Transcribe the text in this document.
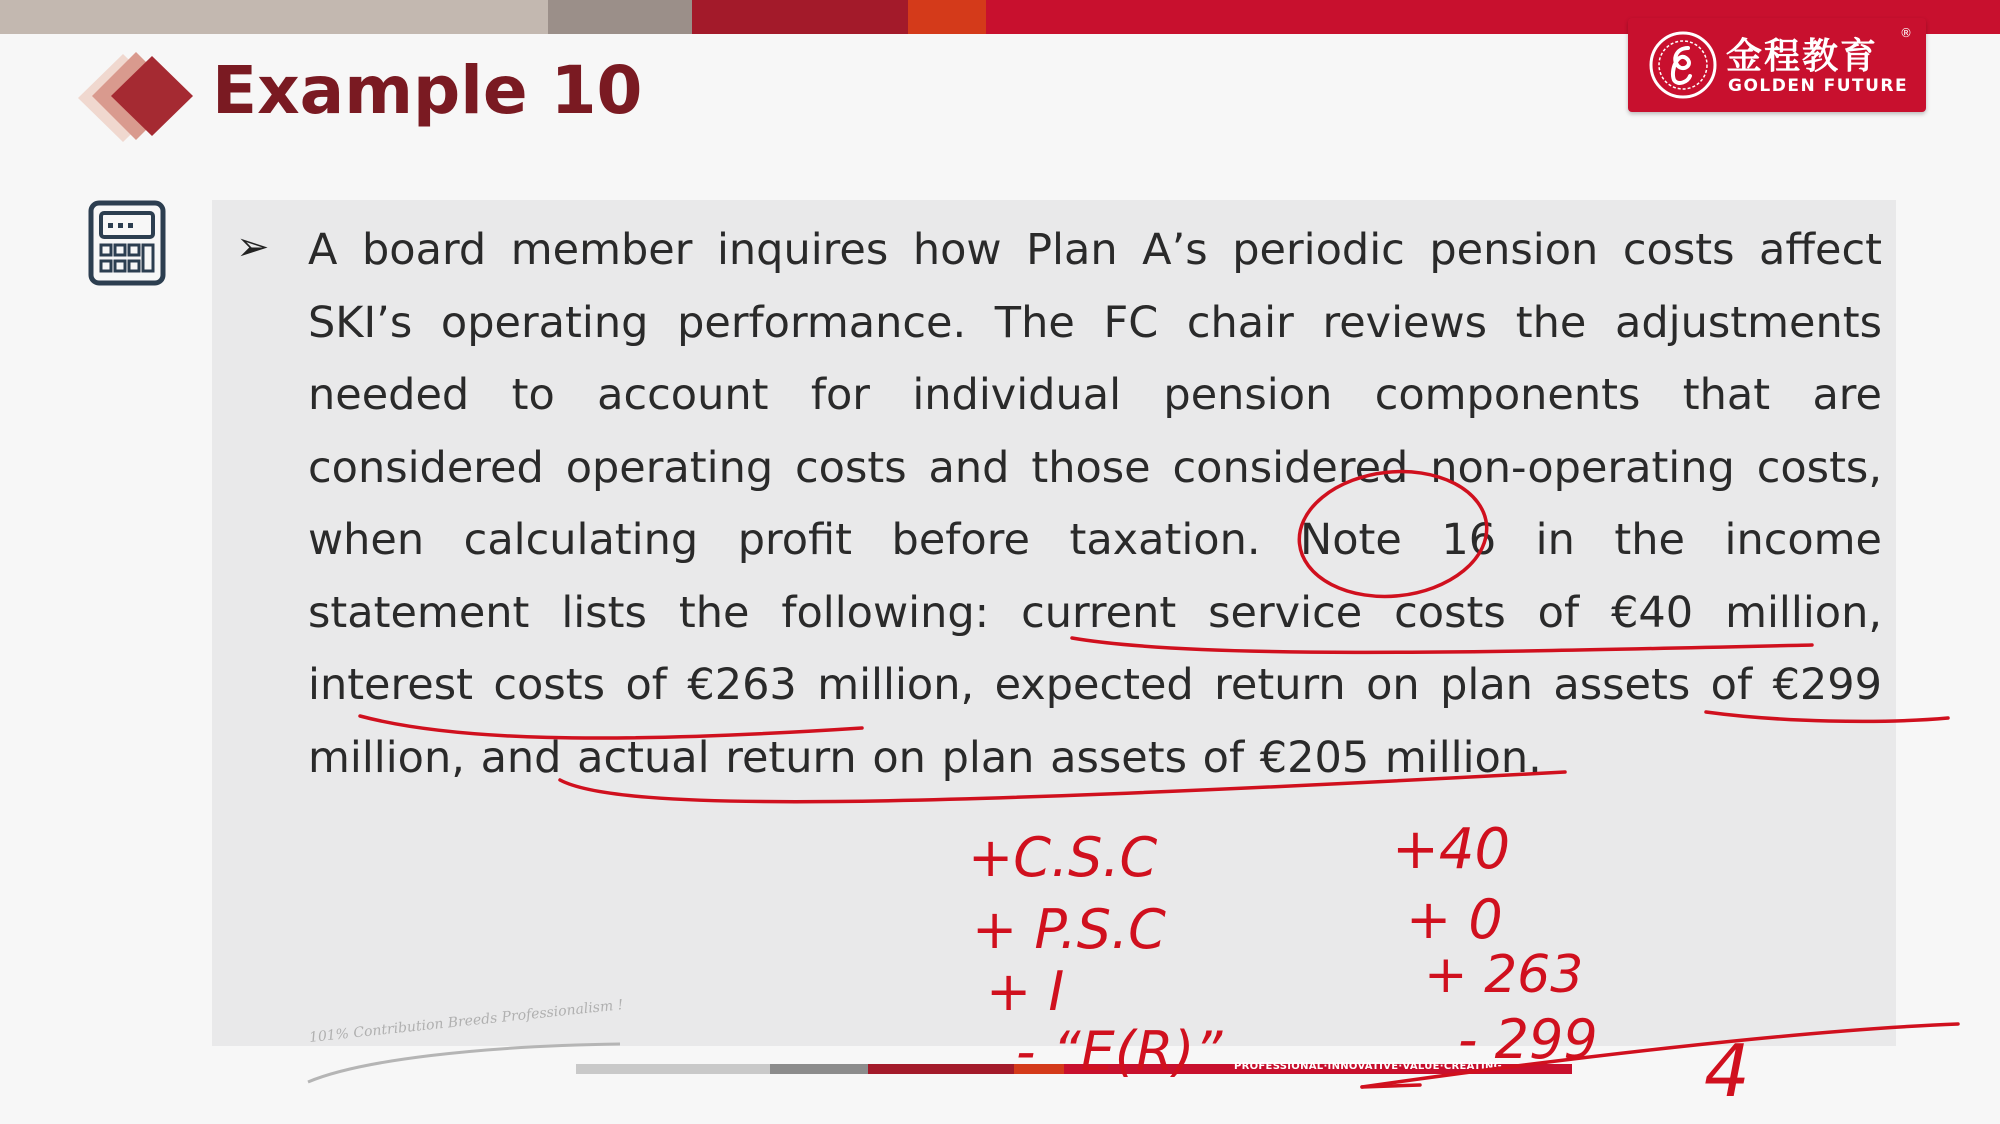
Example 10	金程教育
®
GOLDEN FUTURE
➢ A board member inquires how Plan A’s periodic pension costs affect SKI’s operating performance. The FC chair reviews the adjustments needed to account for individual pension components that are considered operating costs and those considered non-operating costs, when calculating profit before taxation. Note 16 in the income statement lists the following: current service costs of €40 million, interest costs of €263 million, expected return on plan assets of €299 million, and actual return on plan assets of €205 million.

101% Contribution Breeds Professionalism !
PROFESSIONAL·INNOVATIVE·VALUE·CREATING
+C.S.C
+ P.S.C
+ I
- “E(R)”
+40
+ 0
+ 263
- 299 4
